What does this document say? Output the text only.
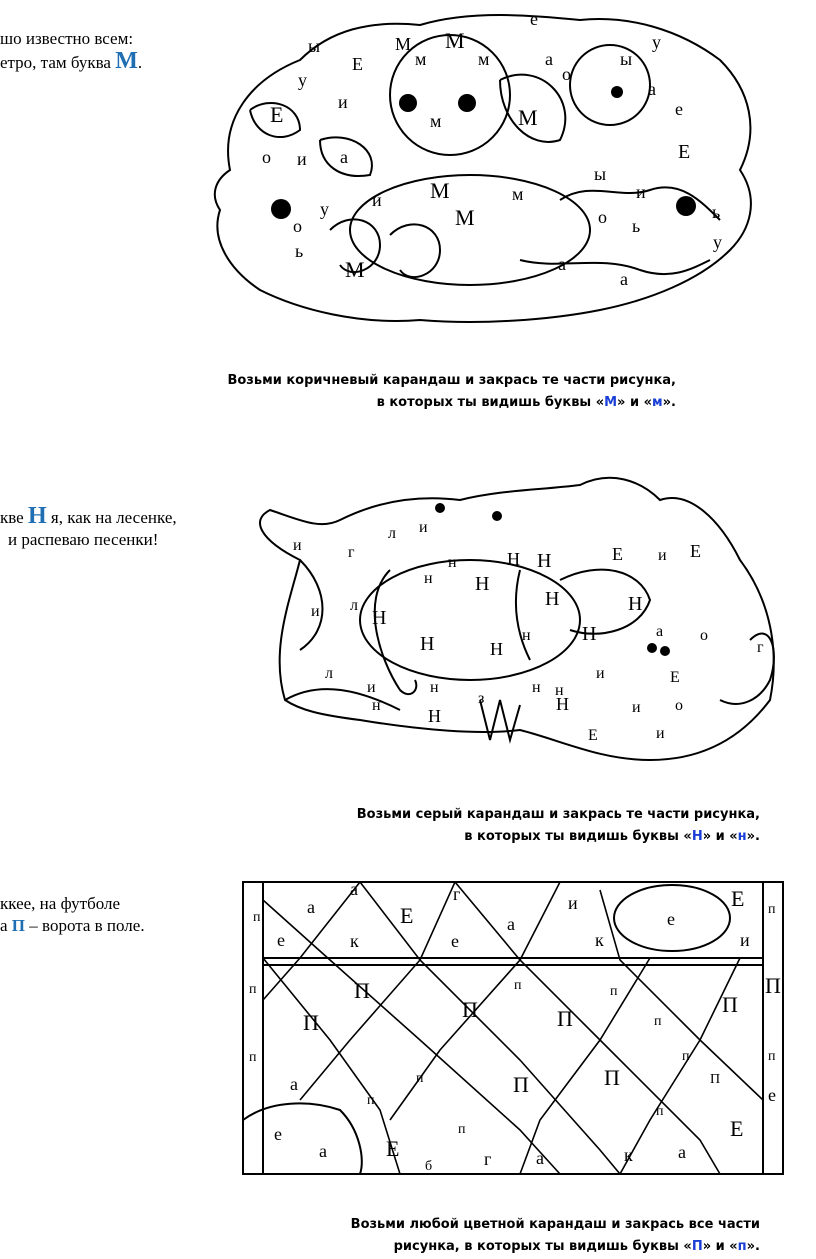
шо известно всем:
етро, там буква М.
М
м
М
м
ы
Е
у
Е	и
о и а
М
м
у
о
ь
и М	м
М
М
е
у
а
о
ы
а
е
Е
ы
и
о ь
ь
у
а
а
Возьми коричневый карандаш и закрась те части рисунка,
в которых ты видишь буквы «М» и «м».
кве Н я, как на лесенке,
и распеваю песенки!	л и
и	г
и л
Н
н
Н
Н Н
н
Н	Н
н
Н
Н
Е
Н
и Е
л
и
н
н	н
з
Н
Н
и
н
и
Е
о
г
о
и
а
Е
Возьми серый карандаш и закрась те части рисунка,
в которых ты видишь буквы «Н» и «н».
ккее, на футболе
а П – ворота в поле.	п
а
е
а
к
Е
е
г
а
и
к
е
Е п
и
п	П
П
П	П
П
п	П
п
п
П
п
п	п
а	п
п
П	П
п
е
е
а	Е
б	г а
п
к	а
Е
Возьми любой цветной карандаш и закрась все части
рисунка, в которых ты видишь буквы «П» и «п».
